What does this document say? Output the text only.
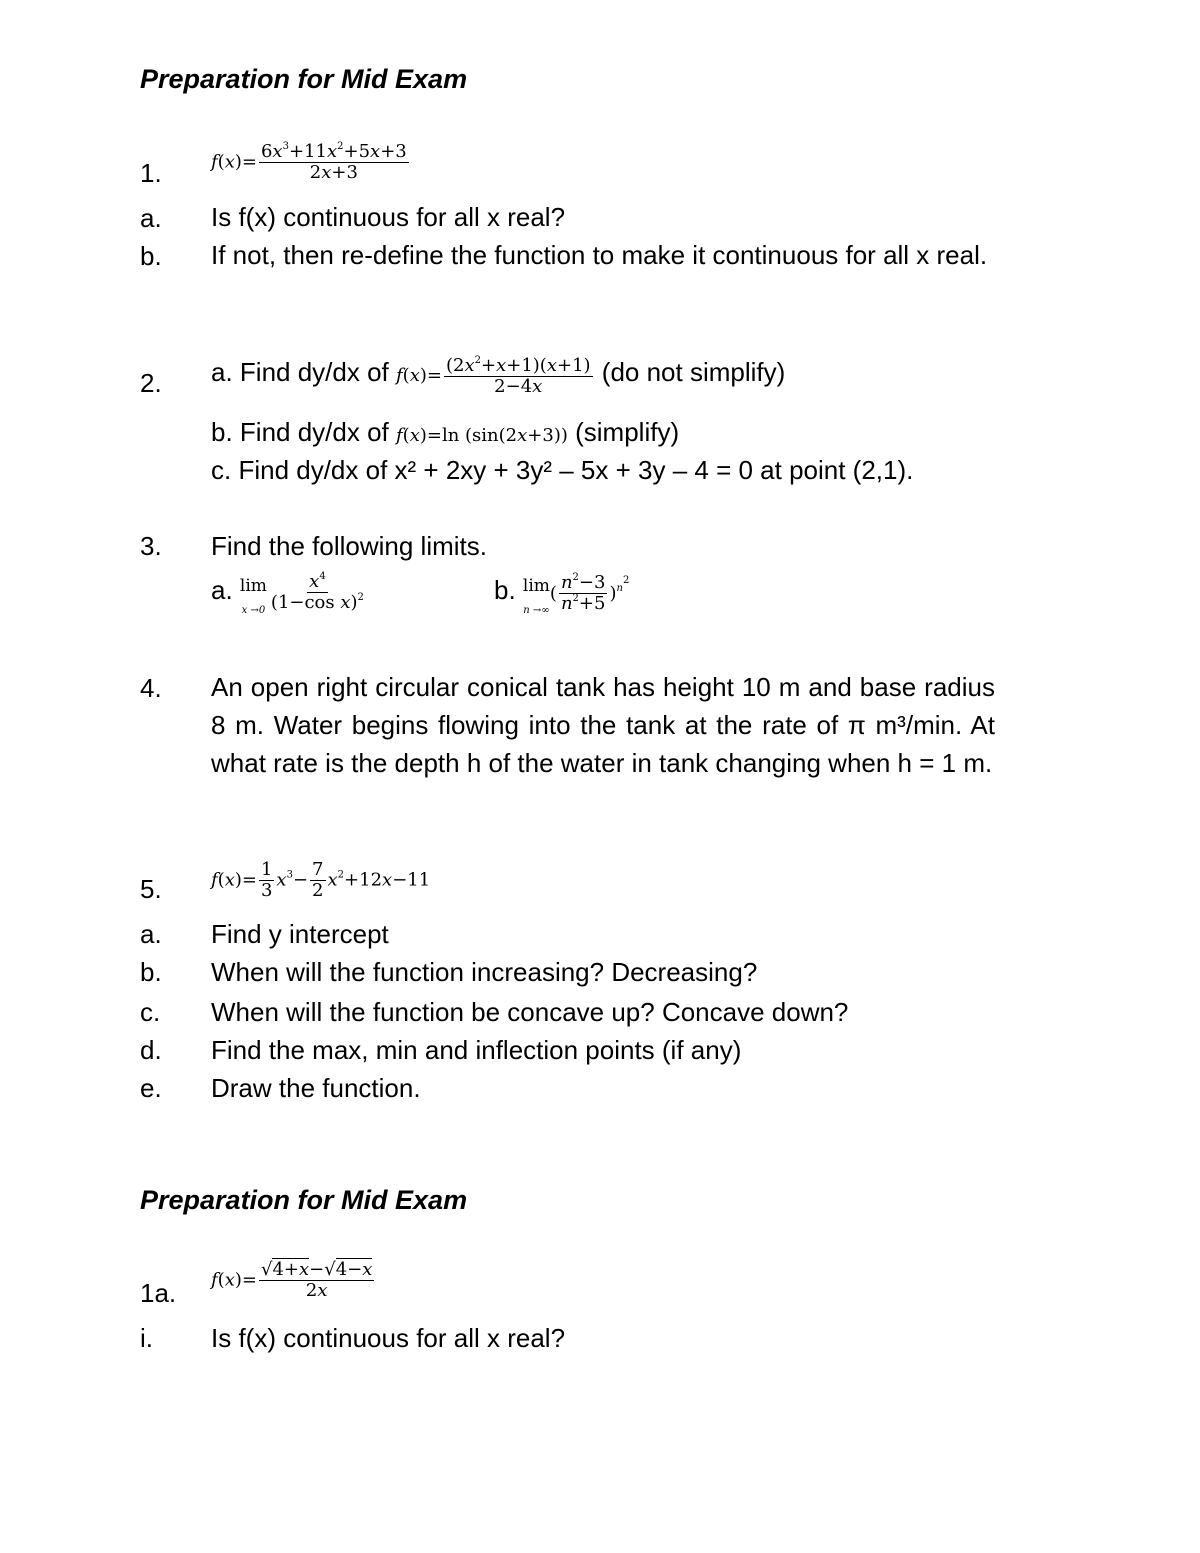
Preparation for Mid Exam
1.	$f(x)= \frac{6x^3+11x^2+5x+3}{2x+3}$
a. Is f(x) continuous for all x real?
b. If not, then re-define the function to make it continuous for all x real.
2. a. Find dy/dx of $f(x)= \frac{(2x^2+x+1)(x+1)}{2-4x} (do$ not simplify)
b. Find dy/dx of f(x)=ln (sin(2x+3)) (simplify)
c. Find dy/dx of x² + 2xy + 3y² – 5x + 3y – 4 = 0 at point (2,1).
3. Find the following limits.
a. lim
$x \to 0 \frac{x^4}{(1-\cos x)^2}$	b. lim
n →∞
( $\frac{n^2-3}{n^2+5} )^{n^2}$
4. An open right circular conical tank has height 10 m and base radius 8 m. Water begins flowing into the tank at the rate of π m³/min. At what rate is the depth h of the water in tank changing when h = 1 m.
5.	$f(x)= \frac{1}{3} x^3- \frac{7}{2} x^2+12x-11$
a. Find y intercept
b. When will the function increasing? Decreasing?
c. When will the function be concave up? Concave down?
d. Find the max, min and inflection points (if any)
e. Draw the function.
Preparation for Mid Exam
1a. $f(x)= \frac{√4+x-√4-x}{2x}$
i. Is f(x) continuous for all x real?
